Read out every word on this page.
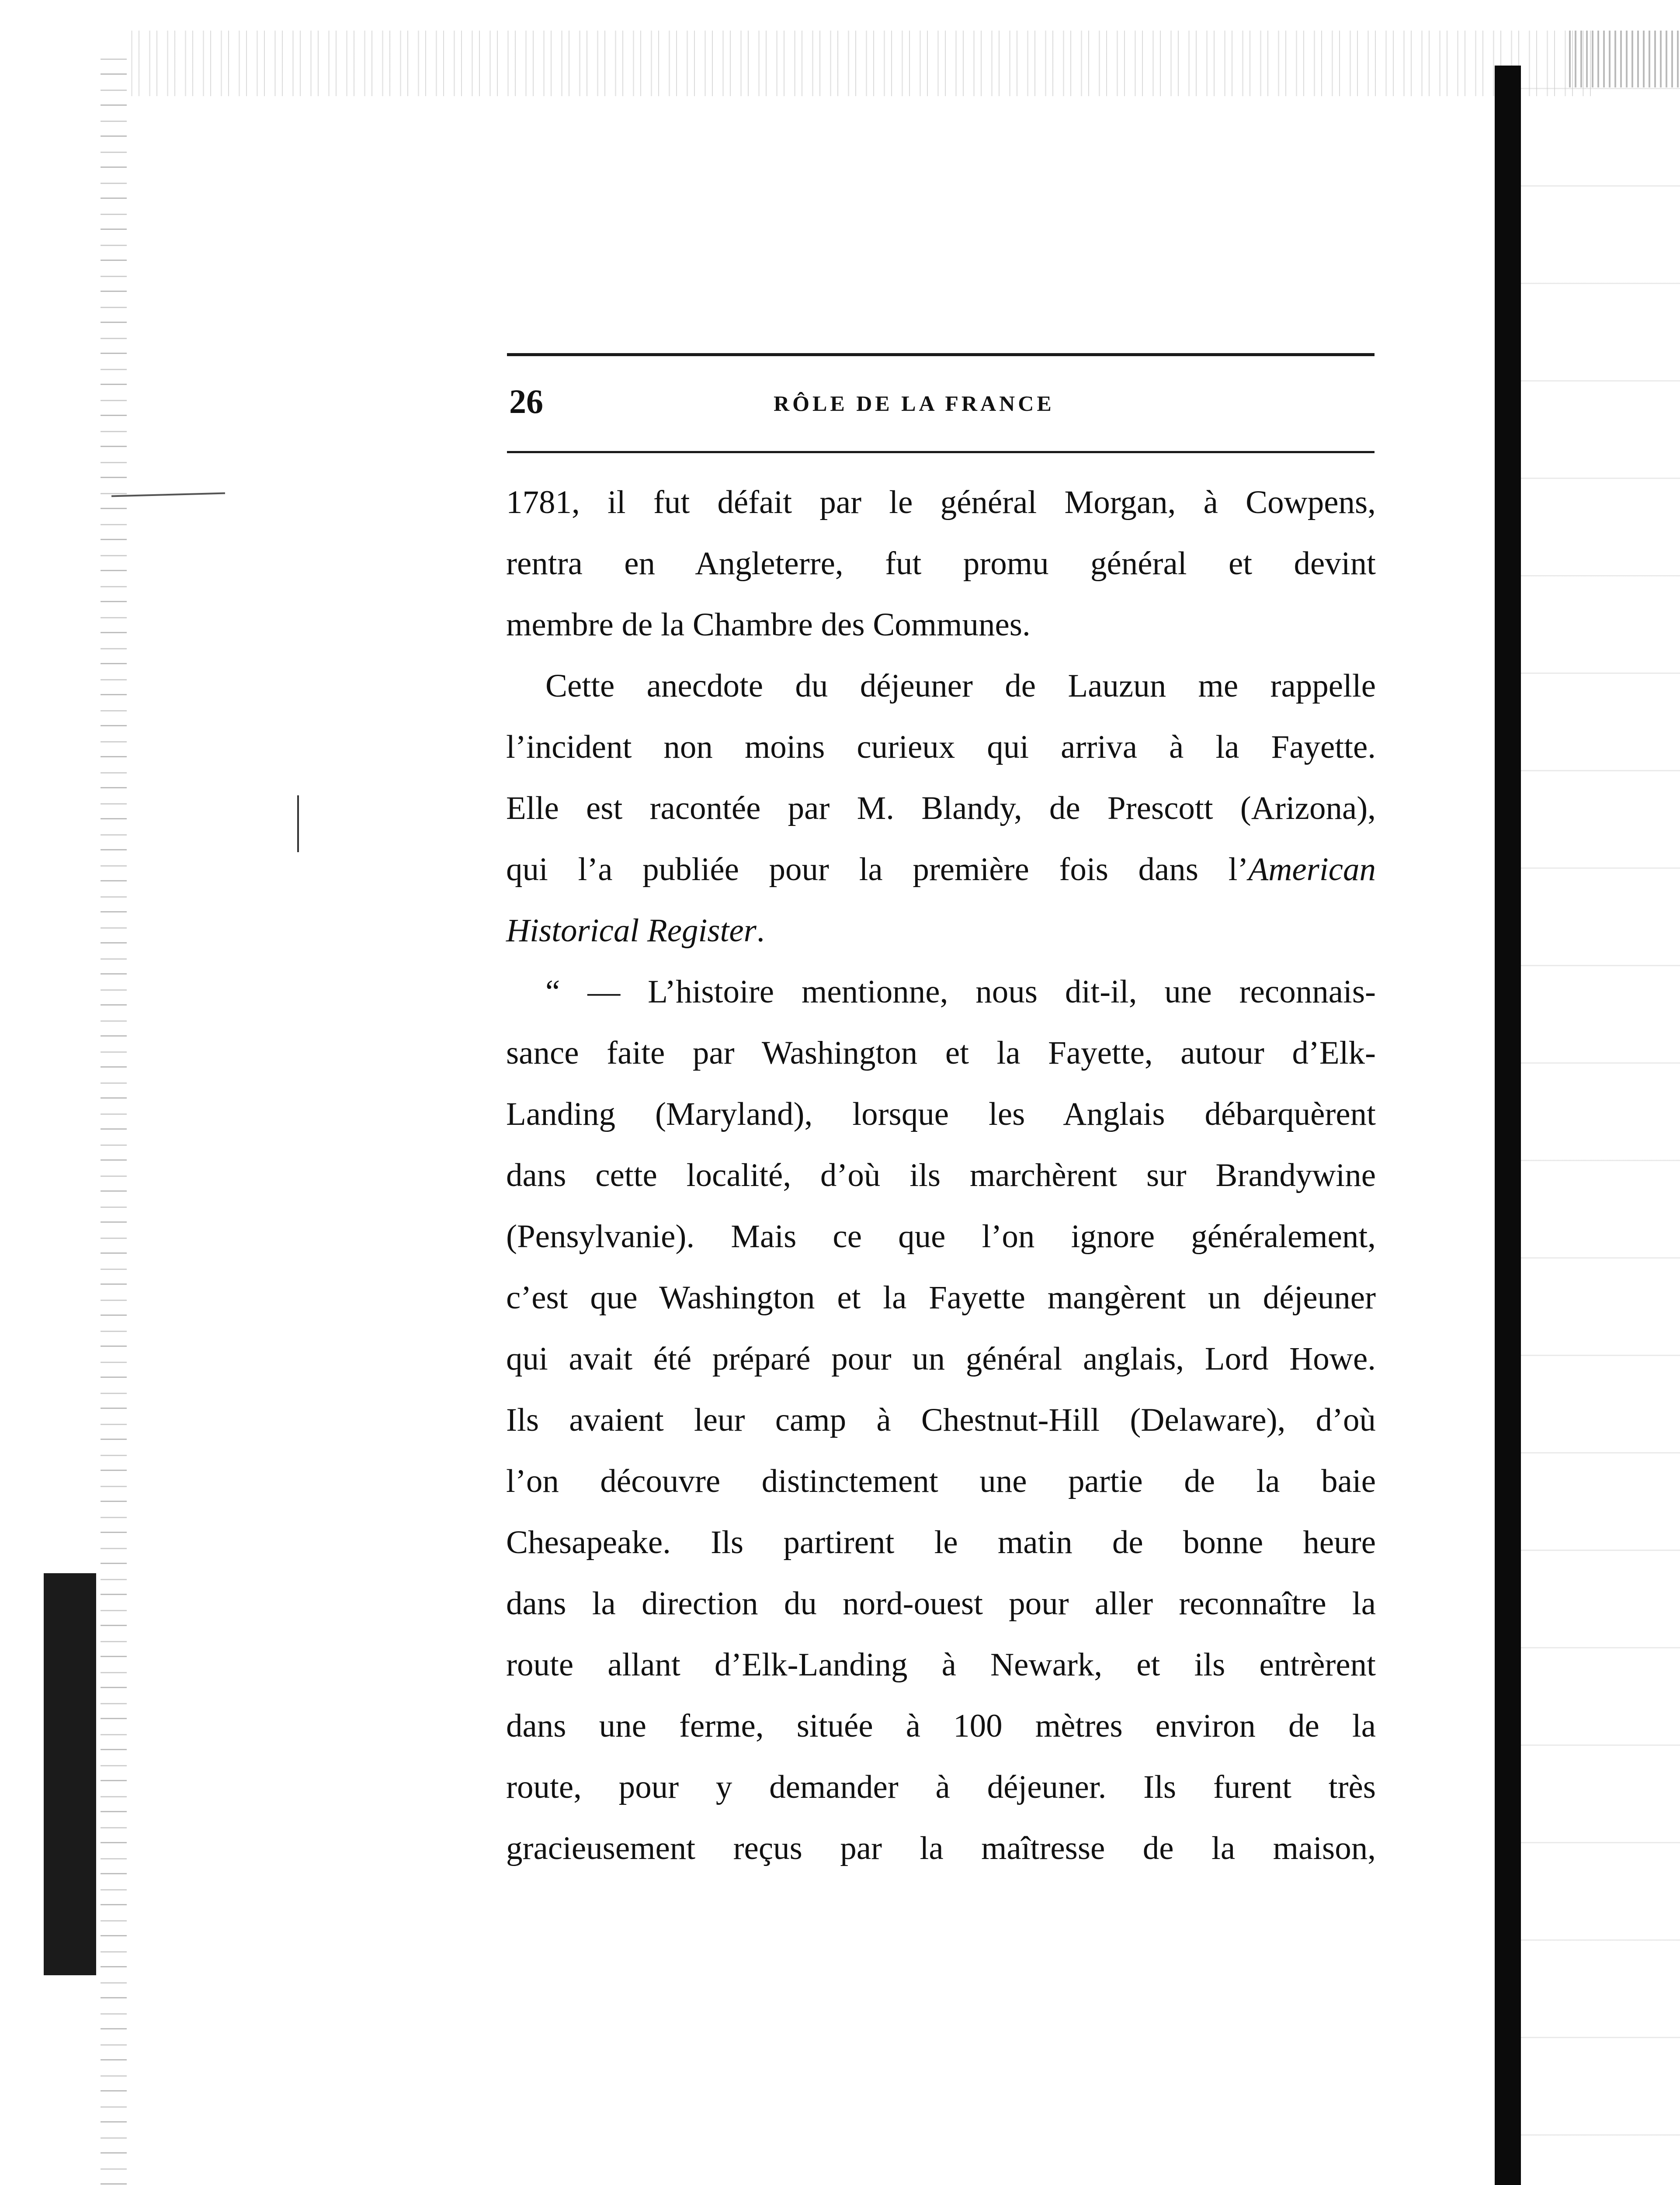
26	RÔLE DE LA FRANCE
1781, il fut défait par le général Morgan, à Cowpens,
rentra en Angleterre, fut promu général et devint
membre de la Chambre des Communes.
Cette anecdote du déjeuner de Lauzun me rappelle
l’incident non moins curieux qui arriva à la Fayette.
Elle est racontée par M. Blandy, de Prescott (Arizona),
qui l’a publiée pour la première fois dans l’American
Historical Register.
“ — L’histoire mentionne, nous dit-il, une reconnais-
sance faite par Washington et la Fayette, autour d’Elk-
Landing (Maryland), lorsque les Anglais débarquèrent
dans cette localité, d’où ils marchèrent sur Brandywine
(Pensylvanie). Mais ce que l’on ignore généralement,
c’est que Washington et la Fayette mangèrent un déjeuner
qui avait été préparé pour un général anglais, Lord Howe.
Ils avaient leur camp à Chestnut-Hill (Delaware), d’où
l’on découvre distinctement une partie de la baie
Chesapeake. Ils partirent le matin de bonne heure
dans la direction du nord-ouest pour aller reconnaître la
route allant d’Elk-Landing à Newark, et ils entrèrent
dans une ferme, située à 100 mètres environ de la
route, pour y demander à déjeuner. Ils furent très
gracieusement reçus par la maîtresse de la maison,
